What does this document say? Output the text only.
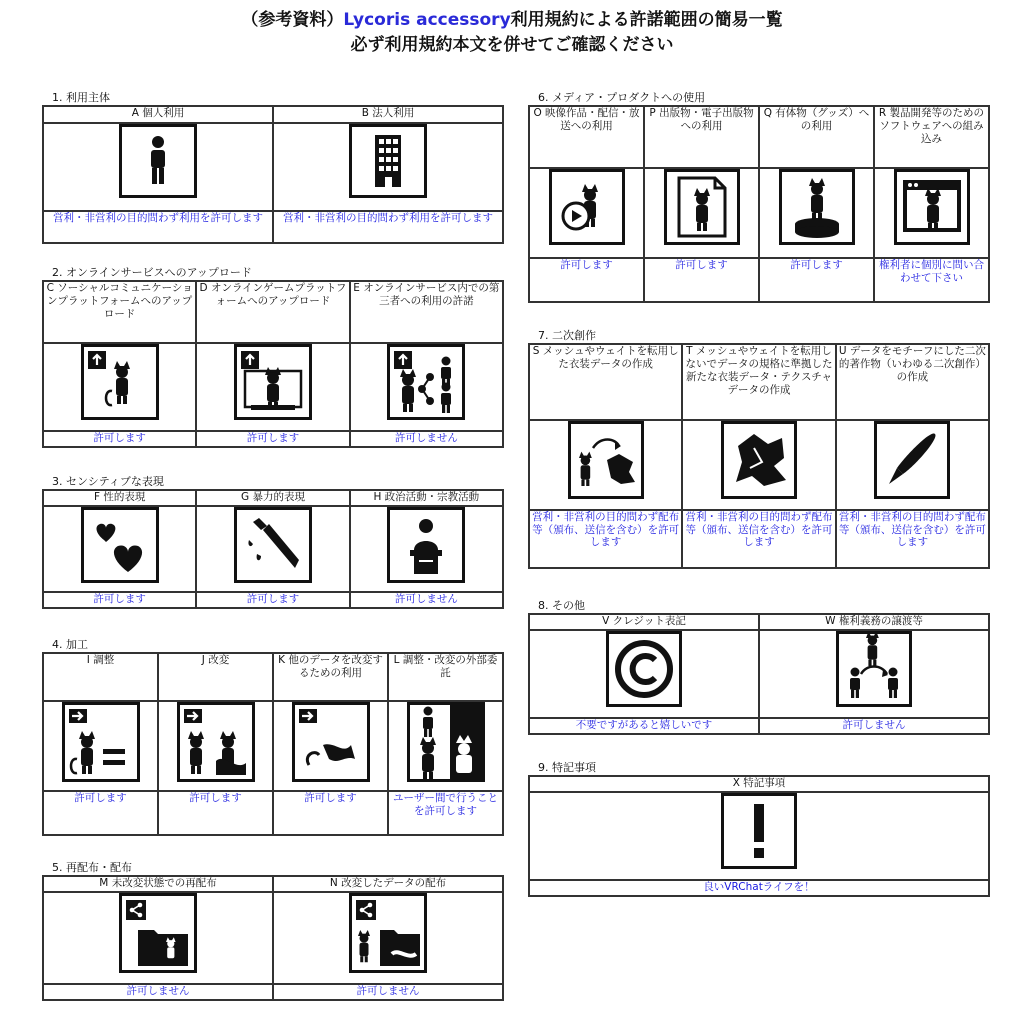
（参考資料）Lycoris accessory利用規約による許諾範囲の簡易一覧
必ず利用規約本文を併せてご確認ください
1. 利用主体
A 個人利用	B 法人利用

営利・非営利の目的問わず利用を許可します	営利・非営利の目的問わず利用を許可します
2. オンラインサービスへのアップロード
C ソーシャルコミュニケーションプラットフォームへのアップロード	D オンラインゲームプラットフォームへのアップロード	E オンラインサービス内での第三者への利用の許諾

許可します	許可します	許可しません
3. センシティブな表現
F 性的表現	G 暴力的表現	H 政治活動・宗教活動

許可します	許可します	許可しません
4. 加工
I 調整	J 改変	K 他のデータを改変するための利用	L 調整・改変の外部委託

許可します	許可します	許可します	ユーザー間で行うことを許可します
5. 再配布・配布
M 未改変状態での再配布	N 改変したデータの配布

許可しません	許可しません
6. メディア・プロダクトへの使用
O 映像作品・配信・放送への利用	P 出版物・電子出版物への利用	Q 有体物（グッズ）への利用	R 製品開発等のためのソフトウェアへの組み込み

許可します	許可します	許可します	権利者に個別に問い合わせて下さい
7. 二次創作
S メッシュやウェイトを転用した衣装データの作成	T メッシュやウェイトを転用しないでデータの規格に準拠した新たな衣装データ・テクスチャデータの作成	U データをモチーフにした二次的著作物（いわゆる二次創作）の作成

営利・非営利の目的問わず配布等（頒布、送信を含む）を許可します	営利・非営利の目的問わず配布等（頒布、送信を含む）を許可します	営利・非営利の目的問わず配布等（頒布、送信を含む）を許可します
8. その他
V クレジット表記	W 権利義務の譲渡等

不要ですがあると嬉しいです	許可しません
9. 特記事項
X 特記事項

良いVRChatライフを！
